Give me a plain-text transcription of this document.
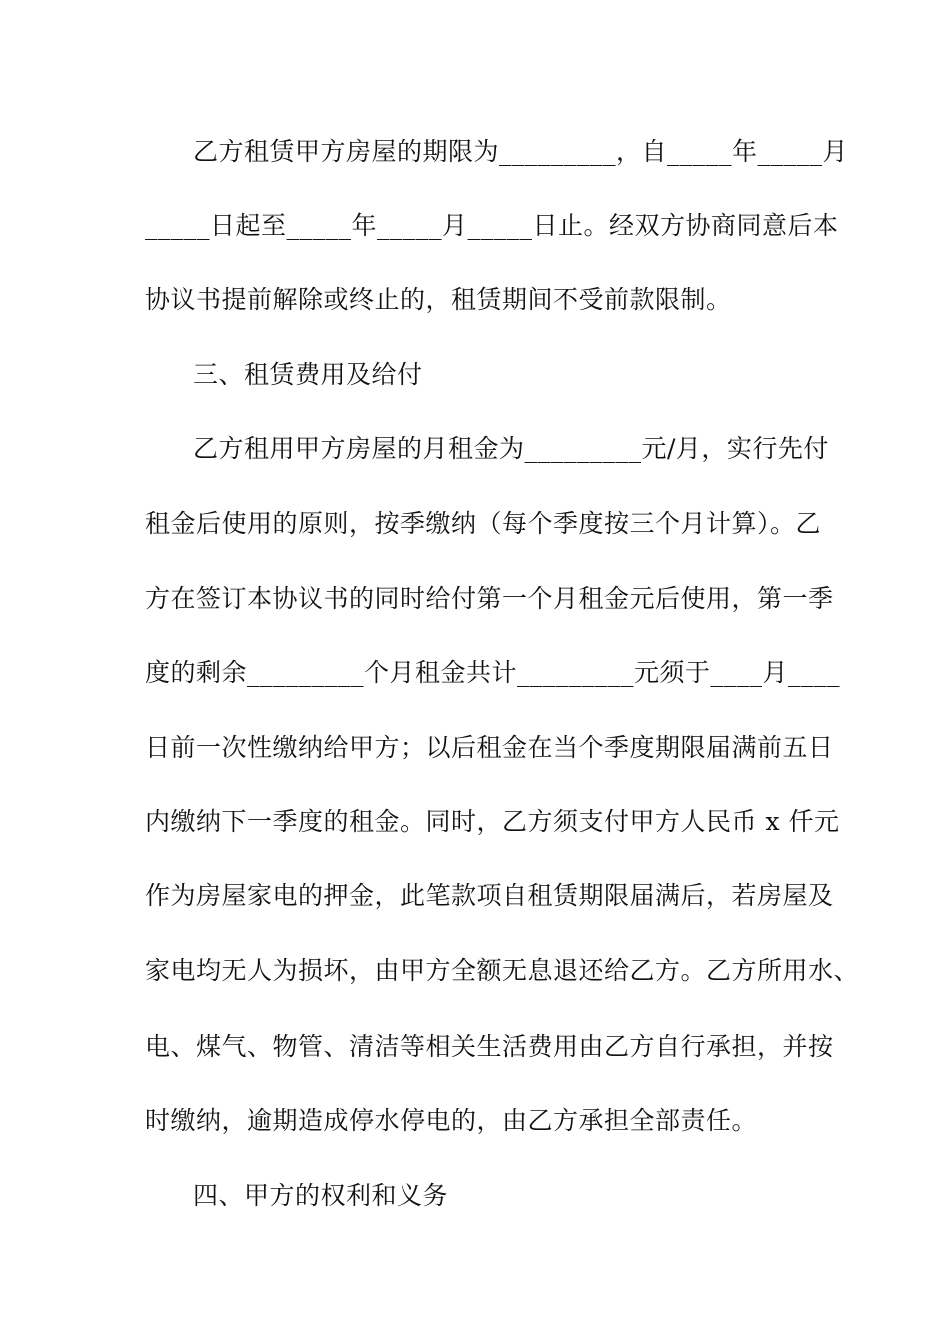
乙方租赁甲方房屋的期限为_________，自_____年_____月
_____日起至_____年_____月_____日止。经双方协商同意后本
协议书提前解除或终止的，租赁期间不受前款限制。
三、租赁费用及给付
乙方租用甲方房屋的月租金为_________元/月，实行先付
租金后使用的原则，按季缴纳（每个季度按三个月计算）。乙
方在签订本协议书的同时给付第一个月租金元后使用，第一季
度的剩余_________个月租金共计_________元须于____月____
日前一次性缴纳给甲方；以后租金在当个季度期限届满前五日
内缴纳下一季度的租金。同时，乙方须支付甲方人民币 x 仟元
作为房屋家电的押金，此笔款项自租赁期限届满后，若房屋及
家电均无人为损坏，由甲方全额无息退还给乙方。乙方所用水、
电、煤气、物管、清洁等相关生活费用由乙方自行承担，并按
时缴纳，逾期造成停水停电的，由乙方承担全部责任。
四、甲方的权利和义务
